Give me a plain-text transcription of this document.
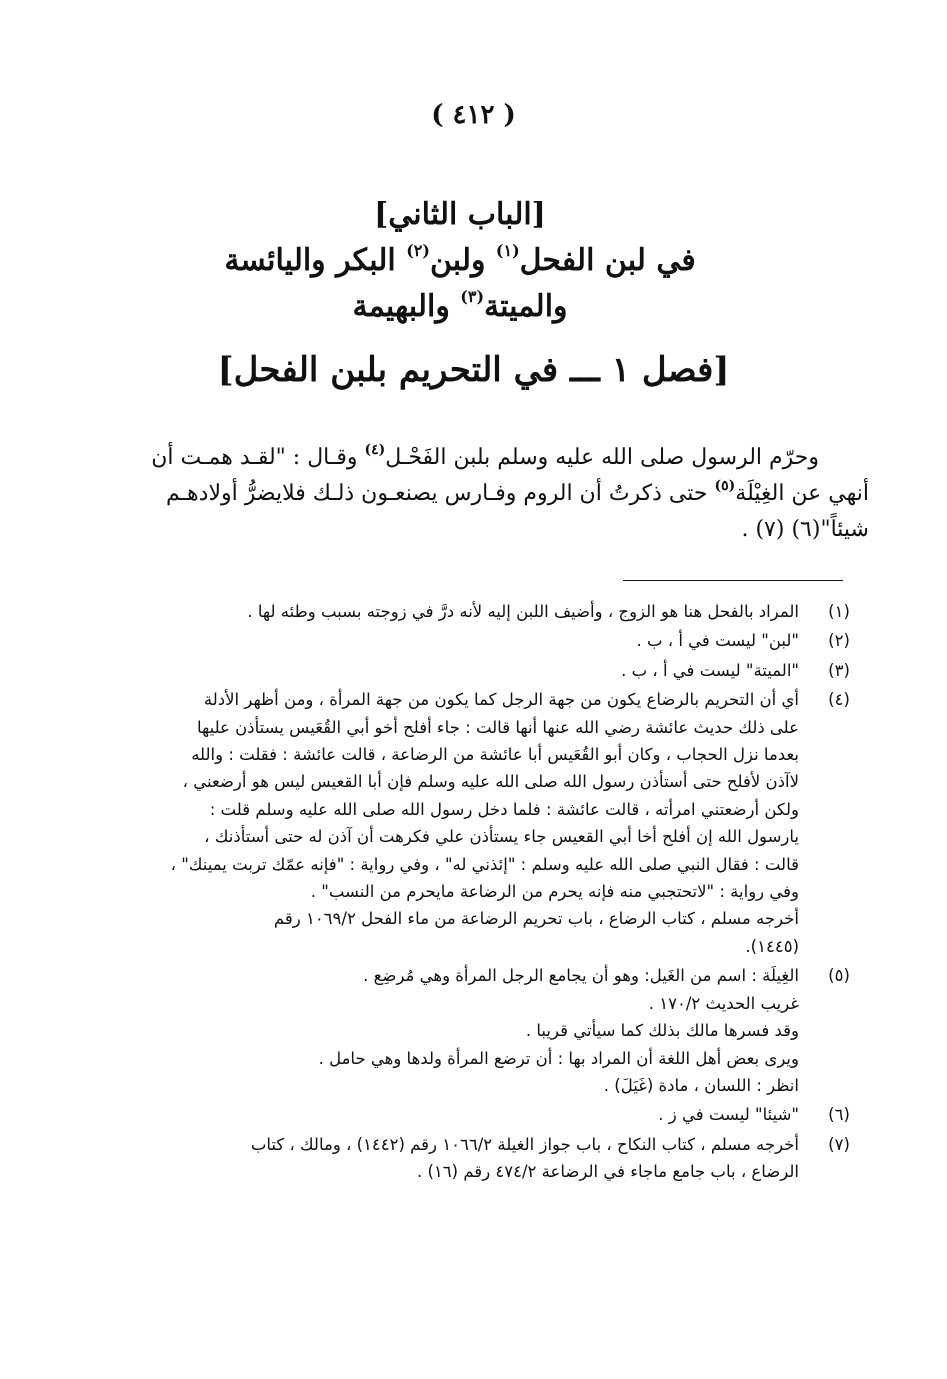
( ٤١٢ )
[الباب الثاني]
في لبن الفحل$^{(١)}$ ولبن$^{(٢)}$ البكر واليائسة
والميتة$^{(٣)}$ والبهيمة
[فصل ١ ـــ في التحريم بلبن الفحل]
وحرّم الرسول صلى الله عليه وسلم بلبن الفَحْـل$^{(٤)}$ وقـال : "لقـد همـت أن
أنهي عن الغِيْلَة$^{(٥)}$ حتى ذكرتُ أن الروم وفـارس يصنعـون ذلـك فلايضرُّ أولادهـم
شيئاً"(٦) (٧) .
(١)
المراد بالفحل هنا هو الزوج ، وأضيف اللبن إليه لأنه درَّ في زوجته بسبب وطئه لها .
(٢)
"لبن" ليست في أ ، ب .
(٣)
"الميتة" ليست في أ ، ب .
(٤)
أي أن التحريم بالرضاع يكون من جهة الرجل كما يكون من جهة المرأة ، ومن أظهر الأدلة
على ذلك حديث عائشة رضي الله عنها أنها قالت : جاء أفلح أخو أبي القُعَيس يستأذن عليها
بعدما نزل الحجاب ، وكان أبو القُعَيس أبا عائشة من الرضاعة ، قالت عائشة : فقلت : والله
لاآذن لأفلح حتى أستأذن رسول الله صلى الله عليه وسلم فإن أبا القعيس ليس هو أرضعني ،
ولكن أرضعتني امرأته ، قالت عائشة : فلما دخل رسول الله صلى الله عليه وسلم قلت :
يارسول الله إن أفلح أخا أبي القعيس جاء يستأذن علي فكرهت أن آذن له حتى أستأذنك ،
قالت : فقال النبي صلى الله عليه وسلم : "إئذني له" ، وفي رواية : "فإنه عمّك تربت يمينك" ،
وفي رواية : "لاتحتجبي منه فإنه يحرم من الرضاعة مايحرم من النسب" .
أخرجه مسلم ، كتاب الرضاع ، باب تحريم الرضاعة من ماء الفحل ١٠٦٩/٢ رقم
(١٤٤٥).
(٥)
الغِيلَة : اسم من الغَيل: وهو أن يجامع الرجل المرأة وهي مُرضِع .
غريب الحديث ١٧٠/٢ .
وقد فسرها مالك بذلك كما سيأتي قريبا .
ويرى بعض أهل اللغة أن المراد بها : أن ترضع المرأة ولدها وهي حامل .
انظر : اللسان ، مادة (غَيَلَ) .
(٦)
"شيئا" ليست في ز .
(٧)
أخرجه مسلم ، كتاب النكاح ، باب جواز الغيلة ١٠٦٦/٢ رقم (١٤٤٢) ، ومالك ، كتاب
الرضاع ، باب جامع ماجاء في الرضاعة ٤٧٤/٢ رقم (١٦) .
